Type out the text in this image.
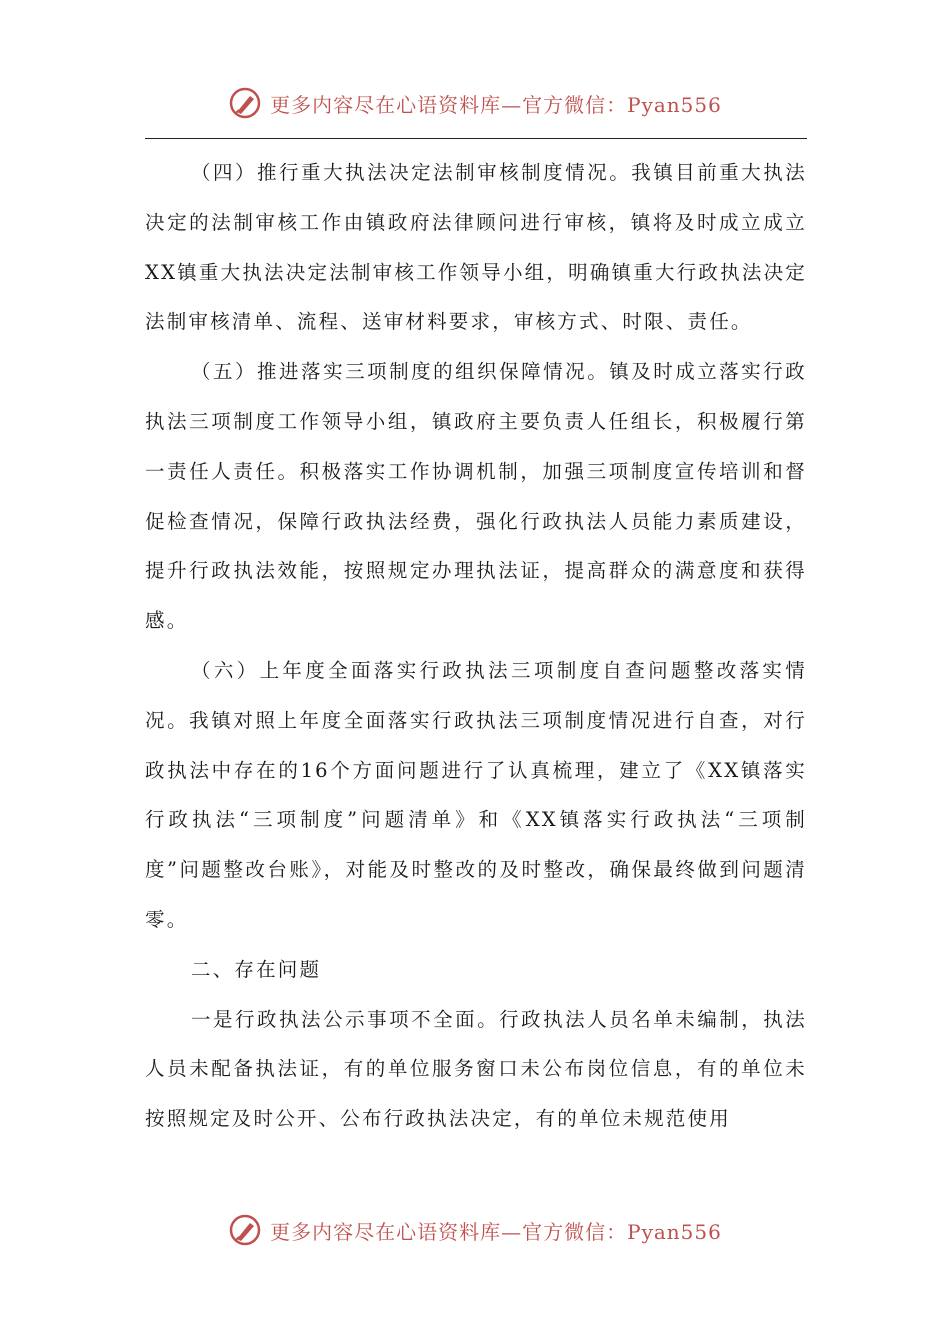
更多内容尽在心语资料库—官方微信：Pyan556

（四）推行重大执法决定法制审核制度情况。我镇目前重大执法决定的法制审核工作由镇政府法律顾问进行审核，镇将及时成立成立XX镇重大执法决定法制审核工作领导小组，明确镇重大行政执法决定法制审核清单、流程、送审材料要求，审核方式、时限、责任。

（五）推进落实三项制度的组织保障情况。镇及时成立落实行政执法三项制度工作领导小组，镇政府主要负责人任组长，积极履行第一责任人责任。积极落实工作协调机制，加强三项制度宣传培训和督促检查情况，保障行政执法经费，强化行政执法人员能力素质建设，提升行政执法效能，按照规定办理执法证，提高群众的满意度和获得感。

（六）上年度全面落实行政执法三项制度自查问题整改落实情况。我镇对照上年度全面落实行政执法三项制度情况进行自查，对行政执法中存在的16个方面问题进行了认真梳理，建立了《XX镇落实行政执法“三项制度”问题清单》和《XX镇落实行政执法“三项制度”问题整改台账》，对能及时整改的及时整改，确保最终做到问题清零。

二、存在问题

一是行政执法公示事项不全面。行政执法人员名单未编制，执法人员未配备执法证，有的单位服务窗口未公布岗位信息，有的单位未按照规定及时公开、公布行政执法决定，有的单位未规范使用

更多内容尽在心语资料库—官方微信：Pyan556
